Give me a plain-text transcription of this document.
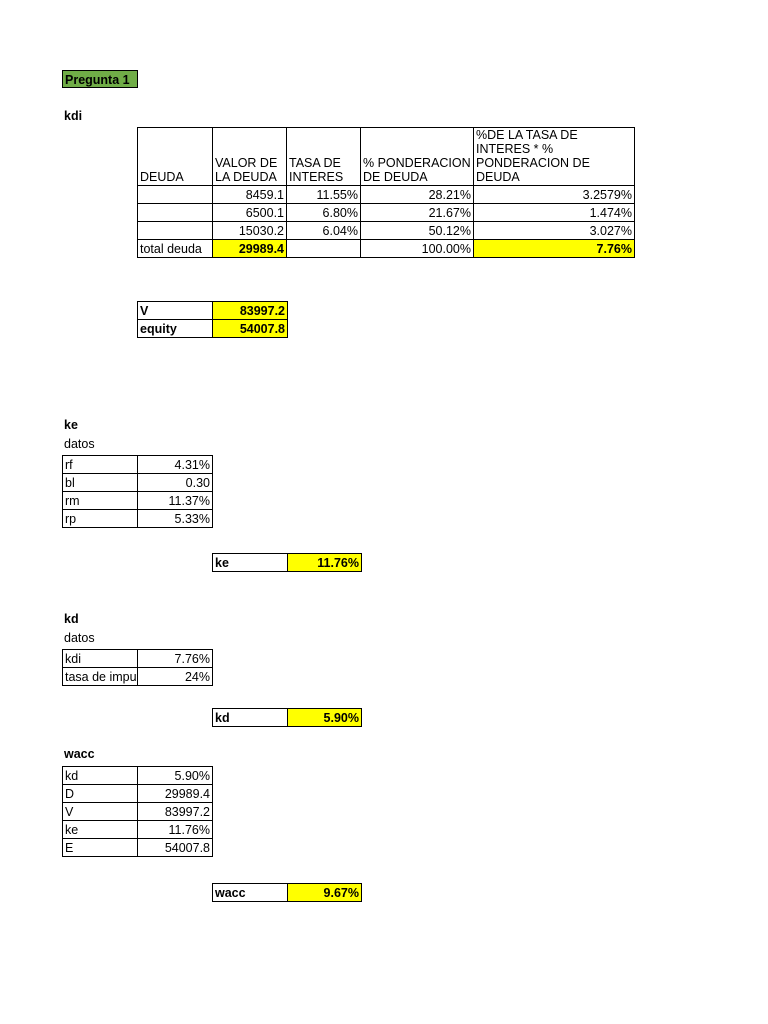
Pregunta 1
kdi
DEUDA	VALOR DE LA DEUDA	TASA DE INTERES	% PONDERACION DE DEUDA	%DE LA TASA DE INTERES * % PONDERACION DE DEUDA
	8459.1	11.55%	28.21%	3.2579%
	6500.1	6.80%	21.67%	1.474%
	15030.2	6.04%	50.12%	3.027%
total deuda	29989.4		100.00%	7.76%
V	83997.2
equity	54007.8
ke
datos
rf	4.31%
bl	0.30
rm	11.37%
rp	5.33%
ke	11.76%
kd
datos
kdi	7.76%
tasa de impu	24%
kd	5.90%
wacc
kd	5.90%
D	29989.4
V	83997.2
ke	11.76%
E	54007.8
wacc	9.67%
